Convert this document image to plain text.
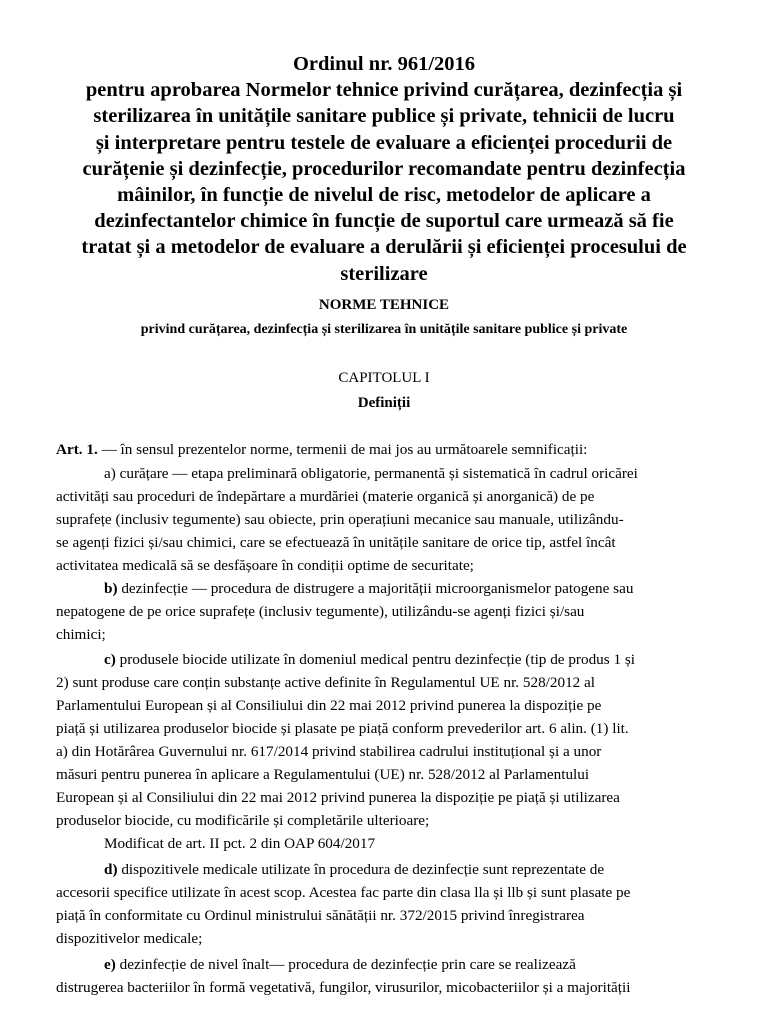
Ordinul nr. 961/2016
pentru aprobarea Normelor tehnice privind curățarea, dezinfecția și
sterilizarea în unitățile sanitare publice și private, tehnicii de lucru
și interpretare pentru testele de evaluare a eficienței procedurii de
curățenie și dezinfecție, procedurilor recomandate pentru dezinfecția
mâinilor, în funcție de nivelul de risc, metodelor de aplicare a
dezinfectantelor chimice în funcție de suportul care urmează să fie
tratat și a metodelor de evaluare a derulării și eficienței procesului de
sterilizare
NORME TEHNICE
privind curățarea, dezinfecția și sterilizarea în unitățile sanitare publice și private
CAPITOLUL I
Definiții
Art. 1. — în sensul prezentelor norme, termenii de mai jos au următoarele semnificații:
a) curățare — etapa preliminară obligatorie, permanentă și sistematică în cadrul oricărei
activități sau proceduri de îndepărtare a murdăriei (materie organică și anorganică) de pe
suprafețe (inclusiv tegumente) sau obiecte, prin operațiuni mecanice sau manuale, utilizându-
se agenți fizici și/sau chimici, care se efectuează în unitățile sanitare de orice tip, astfel încât
activitatea medicală să se desfășoare în condiții optime de securitate;
b) dezinfecție — procedura de distrugere a majorității microorganismelor patogene sau
nepatogene de pe orice suprafețe (inclusiv tegumente), utilizându-se agenți fizici și/sau
chimici;
c) produsele biocide utilizate în domeniul medical pentru dezinfecție (tip de produs 1 și
2) sunt produse care conțin substanțe active definite în Regulamentul UE nr. 528/2012 al
Parlamentului European și al Consiliului din 22 mai 2012 privind punerea la dispoziție pe
piață și utilizarea produselor biocide și plasate pe piață conform prevederilor art. 6 alin. (1) lit.
a) din Hotărârea Guvernului nr. 617/2014 privind stabilirea cadrului instituțional și a unor
măsuri pentru punerea în aplicare a Regulamentului (UE) nr. 528/2012 al Parlamentului
European și al Consiliului din 22 mai 2012 privind punerea la dispoziție pe piață și utilizarea
produselor biocide, cu modificările și completările ulterioare;
Modificat de art. II pct. 2 din OAP 604/2017
d) dispozitivele medicale utilizate în procedura de dezinfecție sunt reprezentate de
accesorii specifice utilizate în acest scop. Acestea fac parte din clasa lla și llb și sunt plasate pe
piață în conformitate cu Ordinul ministrului sănătății nr. 372/2015 privind înregistrarea
dispozitivelor medicale;
e) dezinfecție de nivel înalt— procedura de dezinfecție prin care se realizează
distrugerea bacteriilor în formă vegetativă, fungilor, virusurilor, micobacteriilor și a majorității
